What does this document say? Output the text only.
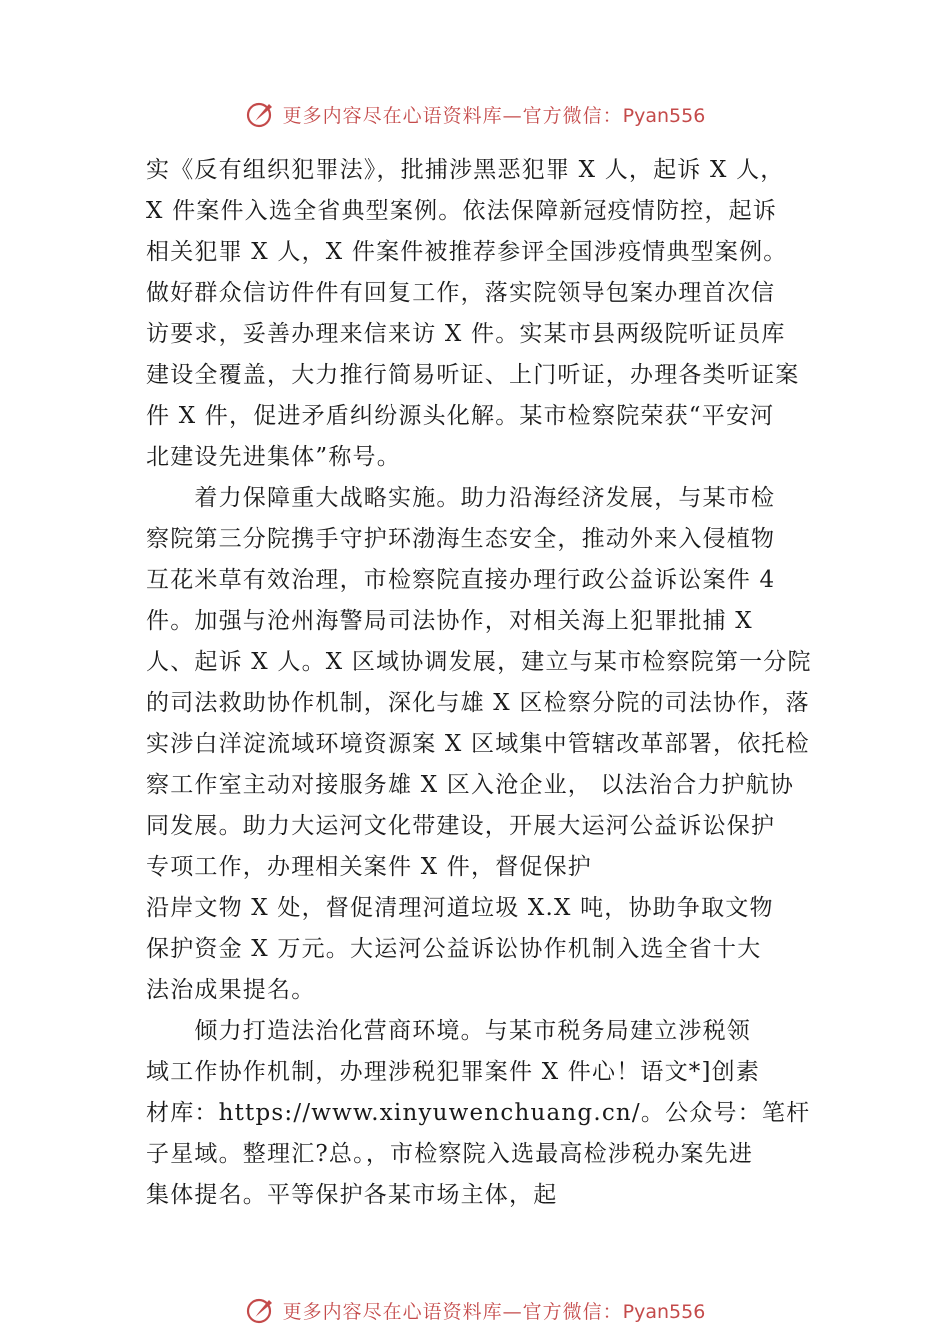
更多内容尽在心语资料库—官方微信：Pyan556
实《反有组织犯罪法》，批捕涉黑恶犯罪 X 人，起诉 X 人，
X 件案件入选全省典型案例。依法保障新冠疫情防控，起诉
相关犯罪 X 人，X 件案件被推荐参评全国涉疫情典型案例。
做好群众信访件件有回复工作，落实院领导包案办理首次信
访要求，妥善办理来信来访 X 件。实某市县两级院听证员库
建设全覆盖，大力推行简易听证、上门听证，办理各类听证案
件 X 件，促进矛盾纠纷源头化解。某市检察院荣获“平安河
北建设先进集体”称号。
　　着力保障重大战略实施。助力沿海经济发展，与某市检
察院第三分院携手守护环渤海生态安全，推动外来入侵植物
互花米草有效治理，市检察院直接办理行政公益诉讼案件 4
件。加强与沧州海警局司法协作，对相关海上犯罪批捕 X
人、起诉 X 人。X 区域协调发展，建立与某市检察院第一分院
的司法救助协作机制，深化与雄 X 区检察分院的司法协作，落
实涉白洋淀流域环境资源案 X 区域集中管辖改革部署，依托检
察工作室主动对接服务雄 X 区入沧企业， 以法治合力护航协
同发展。助力大运河文化带建设，开展大运河公益诉讼保护
专项工作，办理相关案件 X 件，督促保护
沿岸文物 X 处，督促清理河道垃圾 X.X 吨，协助争取文物
保护资金 X 万元。大运河公益诉讼协作机制入选全省十大
法治成果提名。
　　倾力打造法治化营商环境。与某市税务局建立涉税领
域工作协作机制，办理涉税犯罪案件 X 件心！语文*]创素
材库：https://www.xinyuwenchuang.cn/。公众号：笔杆
子星域。整理汇?总。，市检察院入选最高检涉税办案先进
集体提名。平等保护各某市场主体，起
更多内容尽在心语资料库—官方微信：Pyan556
